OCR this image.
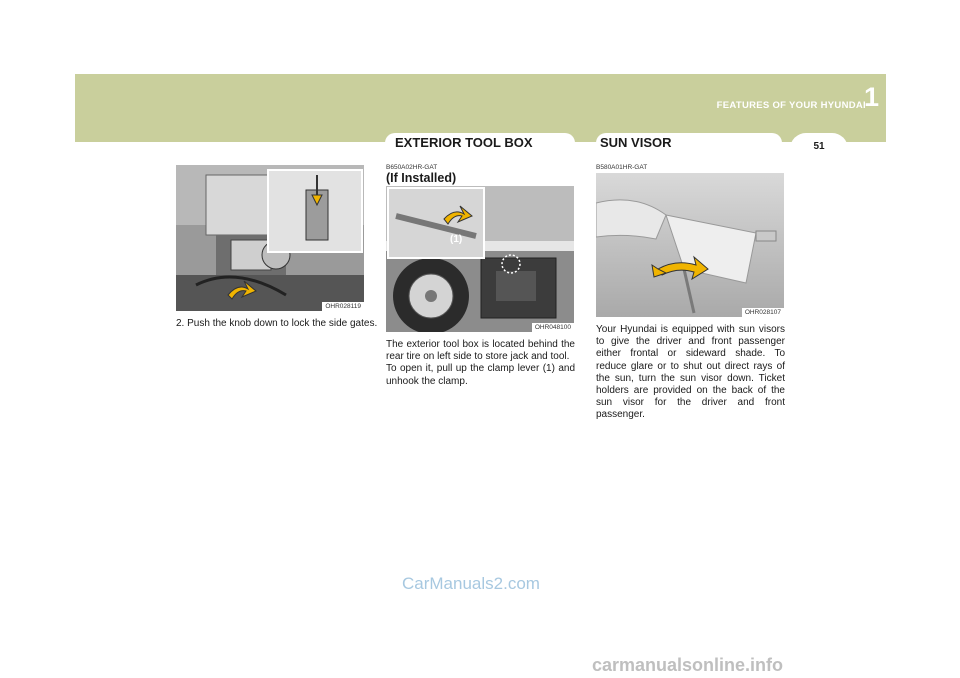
FEATURES OF YOUR HYUNDAI
1
EXTERIOR TOOL BOX	SUN VISOR	51
OHR028119
2. Push the knob down to lock the side gates.
B650A02HR-GAT
(If Installed)
(1)
OHR048100
The exterior tool box is located behind the rear tire on left side to store jack and tool.
To open it, pull up the clamp lever (1) and unhook the clamp.
B580A01HR-GAT
OHR028107
Your Hyundai is equipped with sun visors to give the driver and front passenger either frontal or sideward shade. To reduce glare or to shut out direct rays of the sun, turn the sun visor down. Ticket holders are provided on the back of the sun visor for the driver and front passenger.
CarManuals2.com
carmanualsonline.info
